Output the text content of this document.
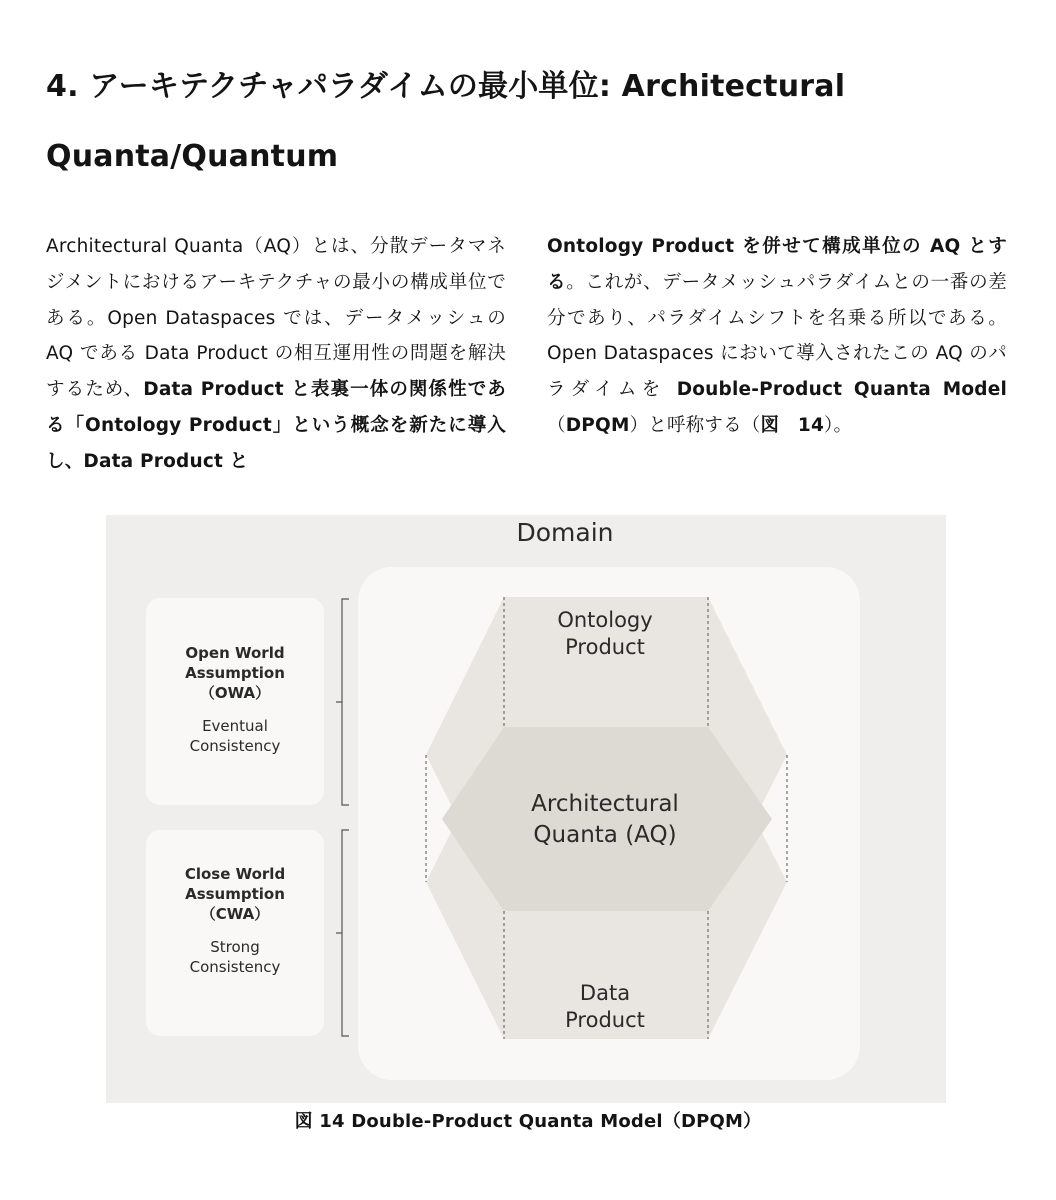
4. アーキテクチャパラダイムの最小単位: Architectural
Quanta/Quantum

Architectural Quanta（AQ）とは、分散データマネジメントにおけるアーキテクチャの最小の構成単位である。Open Dataspaces では、データメッシュの AQ である Data Product の相互運用性の問題を解決するため、Data Product と表裏一体の関係性である「Ontology Product」という概念を新たに導入し、Data Product と

Ontology Product を併せて構成単位の AQ とする。これが、データメッシュパラダイムとの一番の差分であり、パラダイムシフトを名乗る所以である。Open Dataspaces において導入されたこの AQ のパラダイムを Double-Product Quanta Model（DPQM）と呼称する（図　14）。

Domain
Open World
Assumption
（OWA）
Eventual
Consistency
Close World
Assumption
（CWA）
Strong
Consistency
Ontology
Product
Architectural
Quanta (AQ)
Data
Product

図 14 Double-Product Quanta Model（DPQM）
